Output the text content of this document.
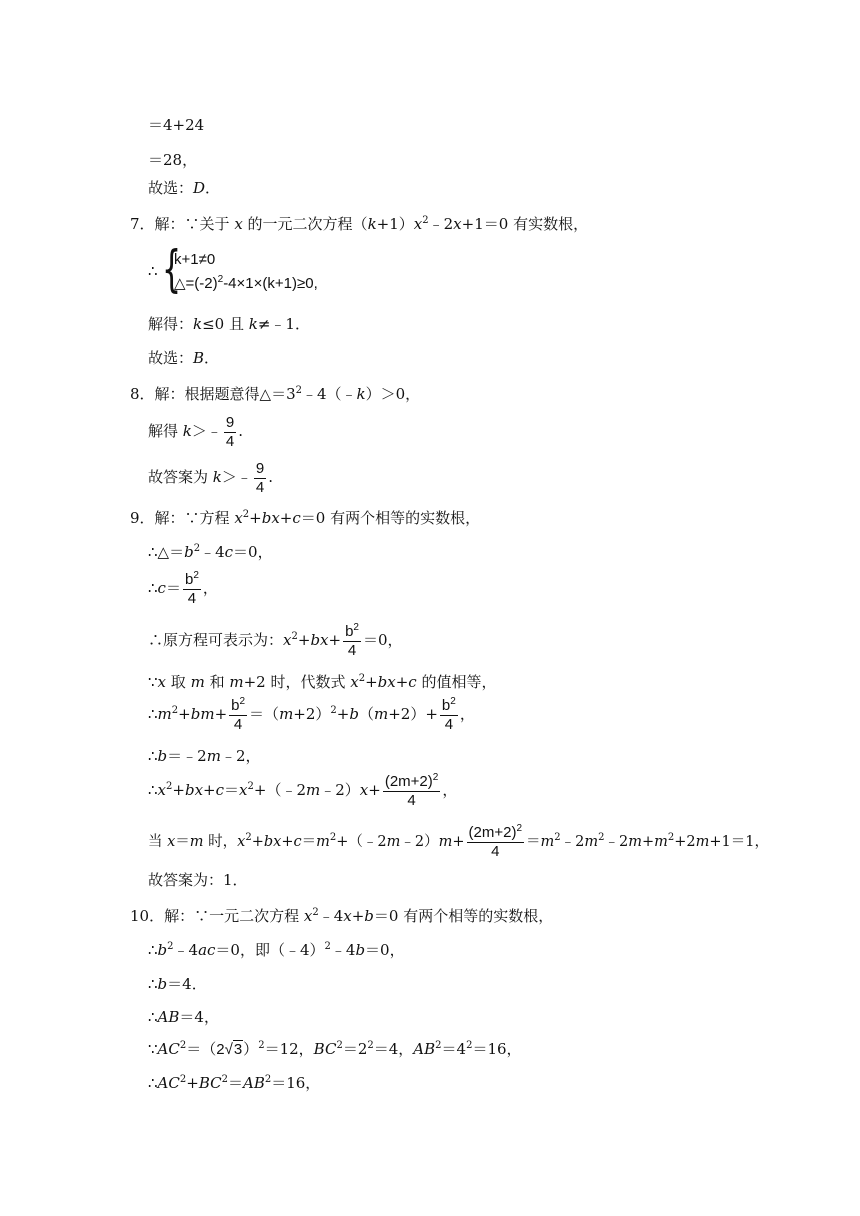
＝4+24
＝28，
故选：D．
7．解：∵关于 x 的一元二次方程$(k+1)x^2﹣2x+1=0$ 有实数根，
∴ {
k+1≠0
$\triangle=(-2)^2-4\times 1\times(k+1)\ge 0$,
解得：k≤0 且 k≠﹣1．
故选：B．
8．解：根据题意得$\triangle=3^2﹣4(﹣k)>0$，
解得 k＞﹣ $\frac{9}{4}$ .
故答案为 k＞﹣ $\frac{9}{4}$ .
9．解：∵方程 $x^2+bx+c=0$ 有两个相等的实数根，
$\therefore\triangle=b^2﹣4c=0$，
∴c＝ $\frac{b^2}{4}$ ，
∴原方程可表示为：$x^2+bx+ \frac{b^2}{4} =0$，
∵x 取 m 和 m+2 时，代数式 $x^2+bx+c$ 的值相等，
$\therefore m^2+bm+ \frac{b^2}{4} =(m+2)^2+b(m+2)+ \frac{b^2}{4}$ ，
∴b＝﹣2m﹣2，
$\therefore x^2+bx+c=x^2+(﹣2m﹣2)x+ \frac{(2m+2)^2}{4}$ ，
当 x＝m 时，$x^2+bx+c=m^2+(﹣2m﹣2)m+ \frac{(2m+2)^2}{4}$ $=m^2﹣2m^2﹣2m+m^2+2m+1=1$，
故答案为：1．
10．解：∵一元二次方程 $x^2﹣4x+b=0$ 有两个相等的实数根，
$\therefore b^2﹣4ac=0$，即（﹣4）$^2$﹣4b＝0，
∴b＝4．
∴AB＝4，
$\because AC^2=(2√3)^2=12$，$BC^2=2^2=4$，$AB^2=4^2=16$，
$\therefore AC^2+BC^2=AB^2=16$，
